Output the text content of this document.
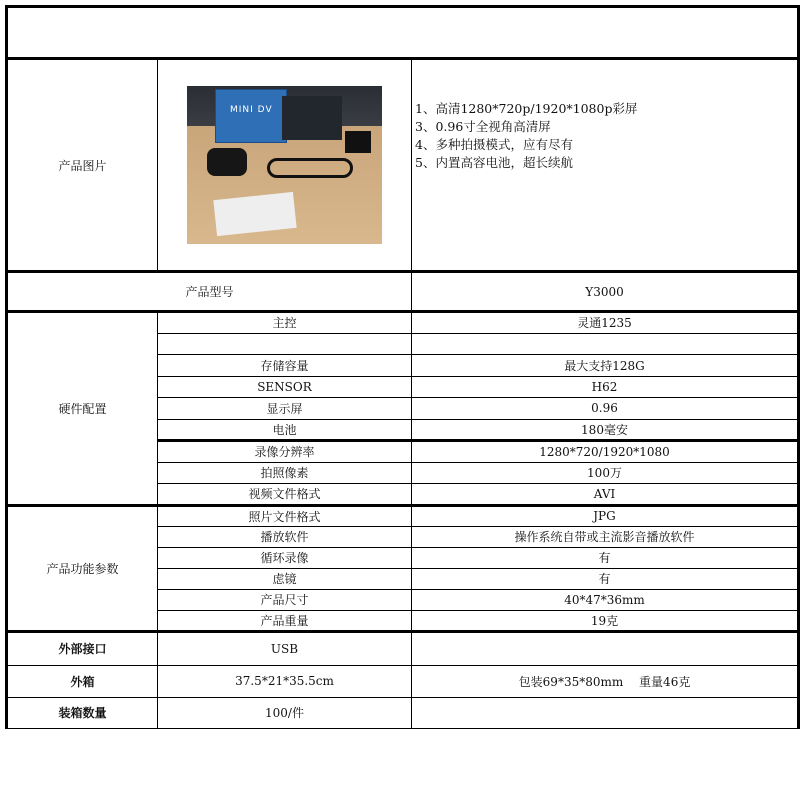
产品图片	MINI DV	1、高清1280*720p/1920*1080p彩屏
3、0.96寸全视角高清屏
4、多种拍摄模式，应有尽有
5、内置高容电池，超长续航

产品型号		Y3000
硬件配置	主控	灵通1235

	存储容量	最大支持128G
	SENSOR	H62
	显示屏	0.96
	电池	180毫安
	录像分辨率	1280*720/1920*1080
	拍照像素	100万
	视频文件格式	AVI
产品功能参数	照片文件格式	JPG
	播放软件	操作系统自带或主流影音播放软件
	循环录像	有
	虑镜	有
	产品尺寸	40*47*36mm
	产品重量	19克
外部接口	USB	
外箱	37.5*21*35.5cm	包装69*35*80mm　 重量46克
装箱数量	100/件	
